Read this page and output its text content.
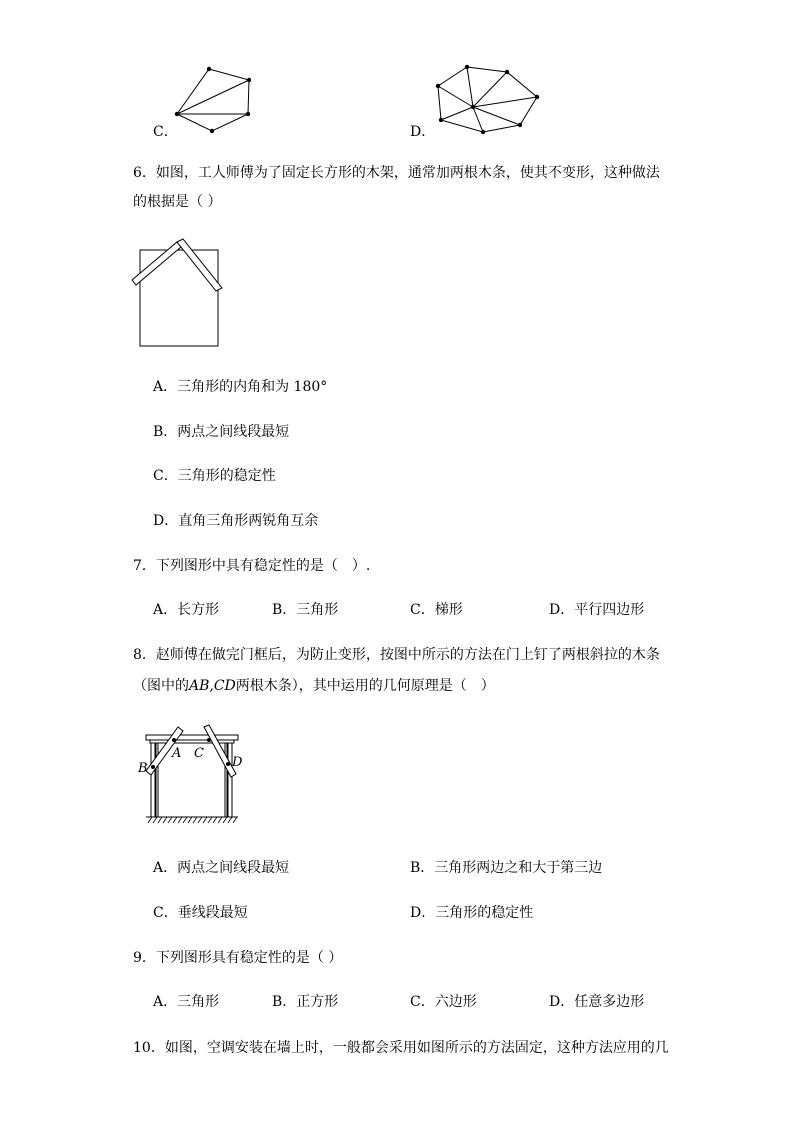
C．	D．
6．如图，工人师傅为了固定长方形的木架，通常加两根木条，使其不变形，这种做法
的根据是（ ）
A．三角形的内角和为 180°
B．两点之间线段最短
C．三角形的稳定性
D．直角三角形两锐角互余
7．下列图形中具有稳定性的是（　）.
A．长方形	B．三角形	C．梯形	D．平行四边形
8．赵师傅在做完门框后，为防止变形，按图中所示的方法在门上钉了两根斜拉的木条
（图中的AB,CD两根木条），其中运用的几何原理是（　）
A
B
C
D
A．两点之间线段最短	B．三角形两边之和大于第三边
C．垂线段最短	D．三角形的稳定性
9．下列图形具有稳定性的是（ ）
A．三角形	B．正方形	C．六边形	D．任意多边形
10．如图，空调安装在墙上时，一般都会采用如图所示的方法固定，这种方法应用的几
